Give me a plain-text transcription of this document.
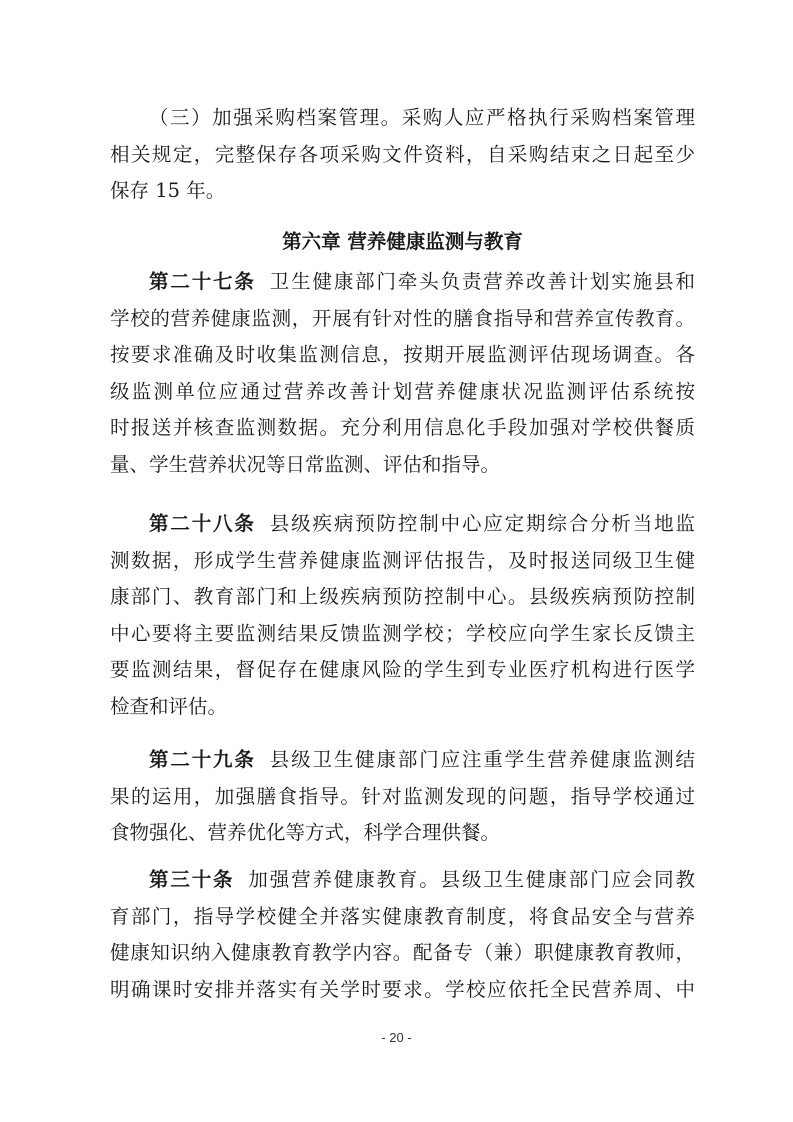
（三）加强采购档案管理。采购人应严格执行采购档案管理
相关规定，完整保存各项采购文件资料，自采购结束之日起至少
保存 15 年。
第六章 营养健康监测与教育
第二十七条 卫生健康部门牵头负责营养改善计划实施县和
学校的营养健康监测，开展有针对性的膳食指导和营养宣传教育。
按要求准确及时收集监测信息，按期开展监测评估现场调查。各
级监测单位应通过营养改善计划营养健康状况监测评估系统按
时报送并核查监测数据。充分利用信息化手段加强对学校供餐质
量、学生营养状况等日常监测、评估和指导。
第二十八条 县级疾病预防控制中心应定期综合分析当地监
测数据，形成学生营养健康监测评估报告，及时报送同级卫生健
康部门、教育部门和上级疾病预防控制中心。县级疾病预防控制
中心要将主要监测结果反馈监测学校；学校应向学生家长反馈主
要监测结果，督促存在健康风险的学生到专业医疗机构进行医学
检查和评估。
第二十九条 县级卫生健康部门应注重学生营养健康监测结
果的运用，加强膳食指导。针对监测发现的问题，指导学校通过
食物强化、营养优化等方式，科学合理供餐。
第三十条 加强营养健康教育。县级卫生健康部门应会同教
育部门，指导学校健全并落实健康教育制度，将食品安全与营养
健康知识纳入健康教育教学内容。配备专（兼）职健康教育教师，
明确课时安排并落实有关学时要求。学校应依托全民营养周、中
- 20 -
